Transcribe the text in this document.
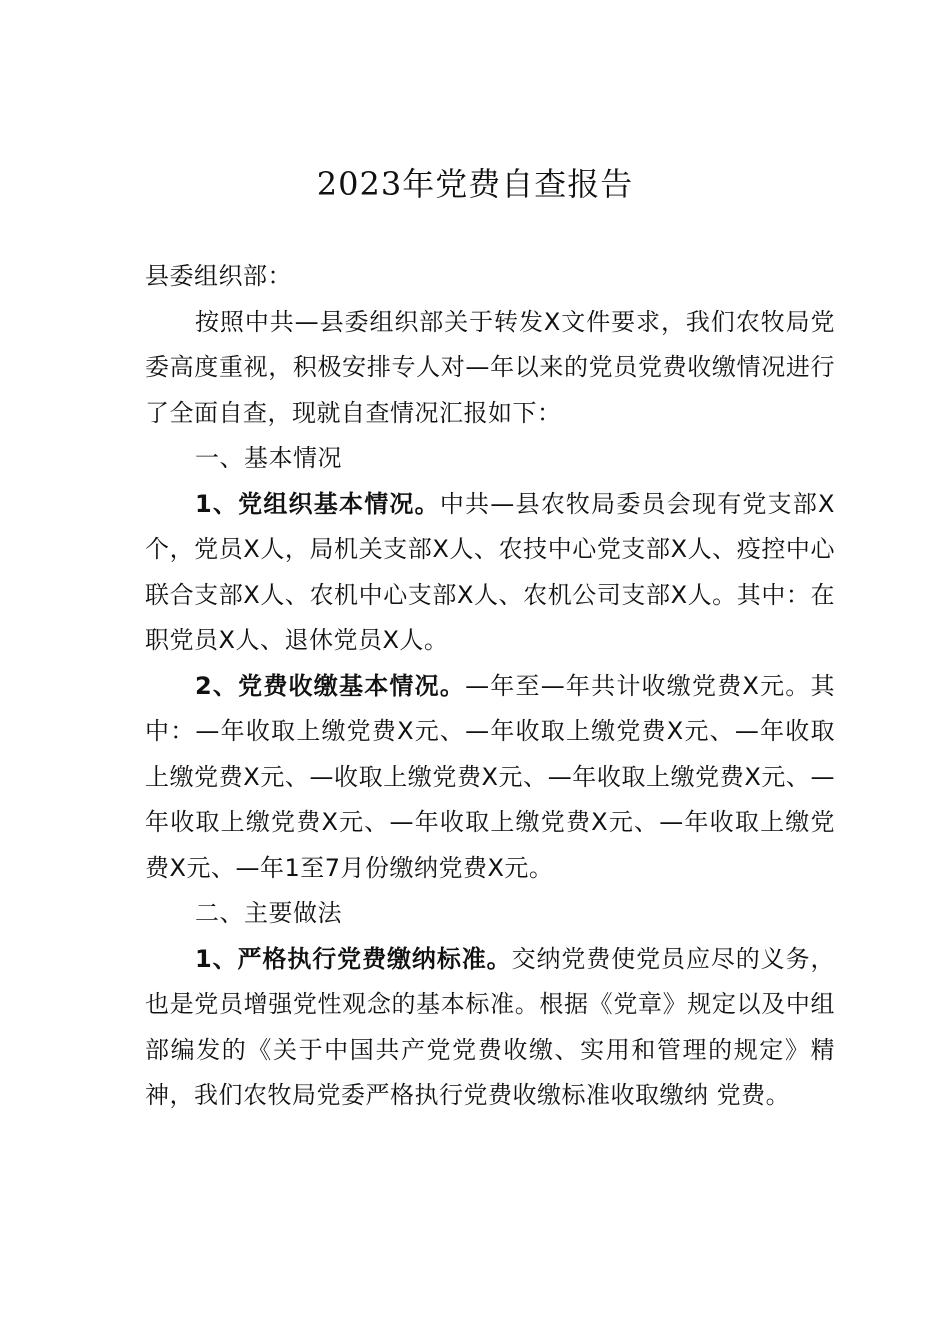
2023年党费自查报告

县委组织部：

按照中共—县委组织部关于转发X文件要求，我们农牧局党委高度重视，积极安排专人对—年以来的党员党费收缴情况进行了全面自查，现就自查情况汇报如下：

一、基本情况

1、党组织基本情况。中共—县农牧局委员会现有党支部X个，党员X人，局机关支部X人、农技中心党支部X人、疫控中心联合支部X人、农机中心支部X人、农机公司支部X人。其中：在职党员X人、退休党员X人。

2、党费收缴基本情况。—年至—年共计收缴党费X元。其中：—年收取上缴党费X元、—年收取上缴党费X元、—年收取上缴党费X元、—收取上缴党费X元、—年收取上缴党费X元、—年收取上缴党费X元、—年收取上缴党费X元、—年收取上缴党费X元、—年1至7月份缴纳党费X元。

二、主要做法

1、严格执行党费缴纳标准。交纳党费使党员应尽的义务，也是党员增强党性观念的基本标准。根据《党章》规定以及中组部编发的《关于中国共产党党费收缴、实用和管理的规定》精神，我们农牧局党委严格执行党费收缴标准收取缴纳 党费。
